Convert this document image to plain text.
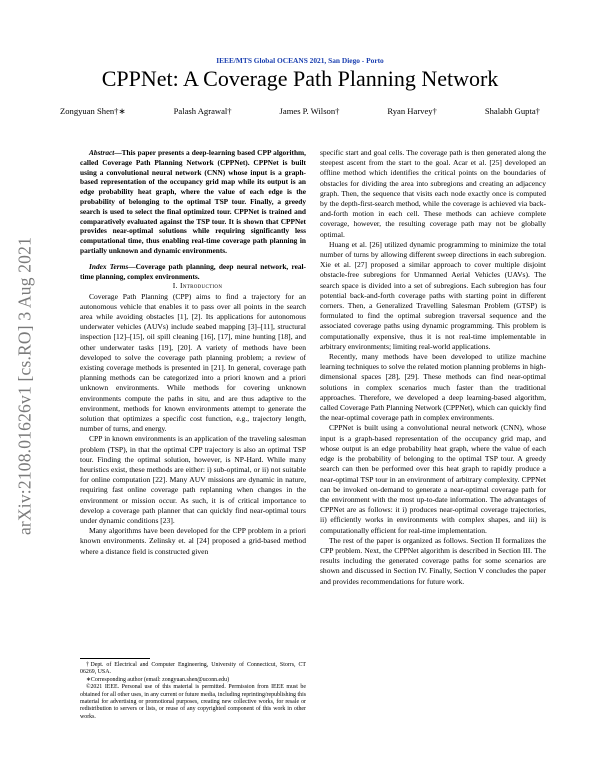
IEEE/MTS Global OCEANS 2021, San Diego - Porto
CPPNet: A Coverage Path Planning Network
Zongyuan Shen†∗	Palash Agrawal†	James P. Wilson†	Ryan Harvey†	Shalabh Gupta†
arXiv:2108.01626v1 [cs.RO] 3 Aug 2021

Abstract—This paper presents a deep-learning based CPP algorithm, called Coverage Path Planning Network (CPPNet). CPPNet is built using a convolutional neural network (CNN) whose input is a graph-based representation of the occupancy grid map while its output is an edge probability heat graph, where the value of each edge is the probability of belonging to the optimal TSP tour. Finally, a greedy search is used to select the final optimized tour. CPPNet is trained and comparatively evaluated against the TSP tour. It is shown that CPPNet provides near-optimal solutions while requiring significantly less computational time, thus enabling real-time coverage path planning in partially unknown and dynamic environments.

Index Terms—Coverage path planning, deep neural network, real-time planning, complex environments.

I. Introduction

Coverage Path Planning (CPP) aims to find a trajectory for an autonomous vehicle that enables it to pass over all points in the search area while avoiding obstacles [1], [2]. Its applications for autonomous underwater vehicles (AUVs) include seabed mapping [3]–[11], structural inspection [12]–[15], oil spill cleaning [16], [17], mine hunting [18], and other underwater tasks [19], [20]. A variety of methods have been developed to solve the coverage path planning problem; a review of existing coverage methods is presented in [21]. In general, coverage path planning methods can be categorized into a priori known and a priori unknown environments. While methods for covering unknown environments compute the paths in situ, and are thus adaptive to the environment, methods for known environments attempt to generate the solution that optimizes a specific cost function, e.g., trajectory length, number of turns, and energy.

CPP in known environments is an application of the traveling salesman problem (TSP), in that the optimal CPP trajectory is also an optimal TSP tour. Finding the optimal solution, however, is NP-Hard. While many heuristics exist, these methods are either: i) sub-optimal, or ii) not suitable for online computation [22]. Many AUV missions are dynamic in nature, requiring fast online coverage path replanning when changes in the environment or mission occur. As such, it is of critical importance to develop a coverage path planner that can quickly find near-optimal tours under dynamic conditions [23].

Many algorithms have been developed for the CPP problem in a priori known environments. Zelinsky et. al [24] proposed a grid-based method where a distance field is constructed given

specific start and goal cells. The coverage path is then generated along the steepest ascent from the start to the goal. Acar et al. [25] developed an offline method which identifies the critical points on the boundaries of obstacles for dividing the area into subregions and creating an adjacency graph. Then, the sequence that visits each node exactly once is computed by the depth-first-search method, while the coverage is achieved via back-and-forth motion in each cell. These methods can achieve complete coverage, however, the resulting coverage path may not be globally optimal.

Huang et al. [26] utilized dynamic programming to minimize the total number of turns by allowing different sweep directions in each subregion. Xie et al. [27] proposed a similar approach to cover multiple disjoint obstacle-free subregions for Unmanned Aerial Vehicles (UAVs). The search space is divided into a set of subregions. Each subregion has four potential back-and-forth coverage paths with starting point in different corners. Then, a Generalized Travelling Salesman Problem (GTSP) is formulated to find the optimal subregion traversal sequence and the associated coverage paths using dynamic programming. This problem is computationally expensive, thus it is not real-time implementable in arbitrary environments; limiting real-world applications.

Recently, many methods have been developed to utilize machine learning techniques to solve the related motion planning problems in high-dimensional spaces [28], [29]. These methods can find near-optimal solutions in complex scenarios much faster than the traditional approaches. Therefore, we developed a deep learning-based algorithm, called Coverage Path Planning Network (CPPNet), which can quickly find the near-optimal coverage path in complex environments.

CPPNet is built using a convolutional neural network (CNN), whose input is a graph-based representation of the occupancy grid map, and whose output is an edge probability heat graph, where the value of each edge is the probability of belonging to the optimal TSP tour. A greedy search can then be performed over this heat graph to rapidly produce a near-optimal TSP tour in an environment of arbitrary complexity. CPPNet can be invoked on-demand to generate a near-optimal coverage path for the environment with the most up-to-date information. The advantages of CPPNet are as follows: it i) produces near-optimal coverage trajectories, ii) efficiently works in environments with complex shapes, and iii) is computationally efficient for real-time implementation.

The rest of the paper is organized as follows. Section II formalizes the CPP problem. Next, the CPPNet algorithm is described in Section III. The results including the generated coverage paths for some scenarios are shown and discussed in Section IV. Finally, Section V concludes the paper and provides recommendations for future work.

†Dept. of Electrical and Computer Engineering, University of Connecticut, Storrs, CT 06269, USA.

∗Corresponding author (email: zongyuan.shen@uconn.edu)

©2021 IEEE. Personal use of this material is permitted. Permission from IEEE must be obtained for all other uses, in any current or future media, including reprinting/republishing this material for advertising or promotional purposes, creating new collective works, for resale or redistribution to servers or lists, or reuse of any copyrighted component of this work in other works.
